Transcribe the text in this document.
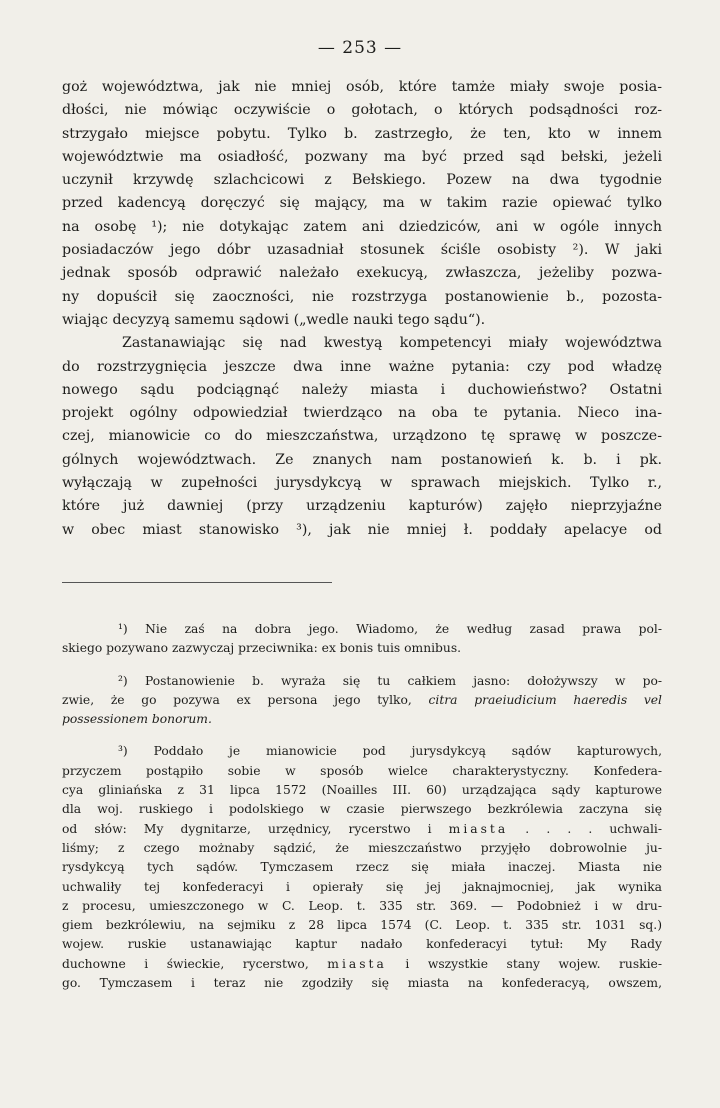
— 253 —
goż województwa, jak nie mniej osób, które tamże miały swoje posia-
dłości, nie mówiąc oczywiście o gołotach, o których podsądności roz-
strzygało miejsce pobytu. Tylko b. zastrzegło, że ten, kto w innem
województwie ma osiadłość, pozwany ma być przed sąd bełski, jeżeli
uczynił krzywdę szlachcicowi z Bełskiego. Pozew na dwa tygodnie
przed kadencyą doręczyć się mający, ma w takim razie opiewać tylko
na osobę ¹); nie dotykając zatem ani dziedziców, ani w ogóle innych
posiadaczów jego dóbr uzasadniał stosunek ściśle osobisty ²). W jaki
jednak sposób odprawić należało exekucyą, zwłaszcza, jeżeliby pozwa-
ny dopuścił się zaoczności, nie rozstrzyga postanowienie b., pozosta-
wiając decyzyą samemu sądowi („wedle nauki tego sądu“).
Zastanawiając się nad kwestyą kompetencyi miały województwa
do rozstrzygnięcia jeszcze dwa inne ważne pytania: czy pod władzę
nowego sądu podciągnąć należy miasta i duchowieństwo? Ostatni
projekt ogólny odpowiedział twierdząco na oba te pytania. Nieco ina-
czej, mianowicie co do mieszczaństwa, urządzono tę sprawę w poszcze-
gólnych województwach. Ze znanych nam postanowień k. b. i pk.
wyłączają w zupełności jurysdykcyą w sprawach miejskich. Tylko r.,
które już dawniej (przy urządzeniu kapturów) zajęło nieprzyjaźne
w obec miast stanowisko ³), jak nie mniej ł. poddały apelacye od
¹) Nie zaś na dobra jego. Wiadomo, że według zasad prawa pol-
skiego pozywano zazwyczaj przeciwnika: ex bonis tuis omnibus.
²) Postanowienie b. wyraża się tu całkiem jasno: dołożywszy w po-
zwie, że go pozywa ex persona jego tylko, citra praeiudicium haeredis vel
possessionem bonorum.
³) Poddało je mianowicie pod jurysdykcyą sądów kapturowych,
przyczem postąpiło sobie w sposób wielce charakterystyczny. Konfedera-
cya gliniańska z 31 lipca 1572 (Noailles III. 60) urządzająca sądy kapturowe
dla woj. ruskiego i podolskiego w czasie pierwszego bezkrólewia zaczyna się
od słów: My dygnitarze, urzędnicy, rycerstwo i miasta . . . . uchwali-
liśmy; z czego możnaby sądzić, że mieszczaństwo przyjęło dobrowolnie ju-
rysdykcyą tych sądów. Tymczasem rzecz się miała inaczej. Miasta nie
uchwaliły tej konfederacyi i opierały się jej jaknajmocniej, jak wynika
z procesu, umieszczonego w C. Leop. t. 335 str. 369. — Podobnież i w dru-
giem bezkrólewiu, na sejmiku z 28 lipca 1574 (C. Leop. t. 335 str. 1031 sq.)
wojew. ruskie ustanawiając kaptur nadało konfederacyi tytuł: My Rady
duchowne i świeckie, rycerstwo, miasta i wszystkie stany wojew. ruskie-
go. Tymczasem i teraz nie zgodziły się miasta na konfederacyą, owszem,
